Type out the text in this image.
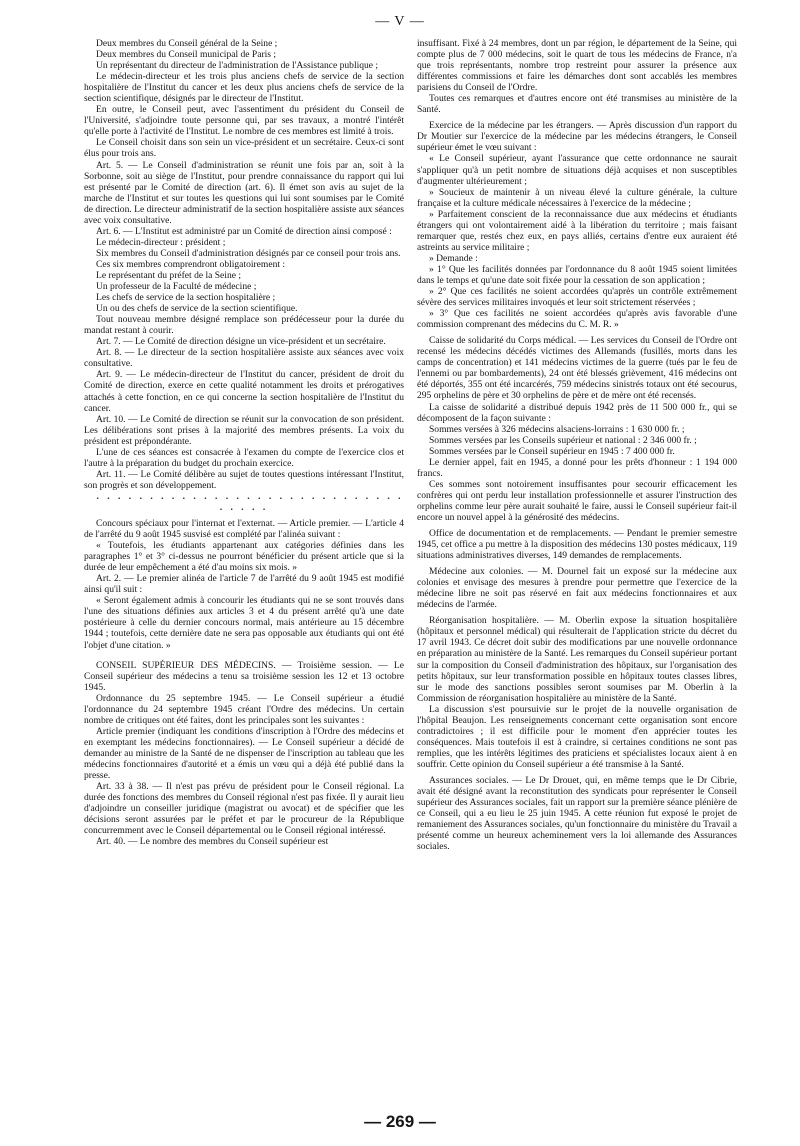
— V —

Deux membres du Conseil général de la Seine ;

Deux membres du Conseil municipal de Paris ;

Un représentant du directeur de l'administration de l'Assistance publique ;

Le médecin-directeur et les trois plus anciens chefs de service de la section hospitalière de l'Institut du cancer et les deux plus anciens chefs de service de la section scientifique, désignés par le directeur de l'Institut.

En outre, le Conseil peut, avec l'assentiment du président du Conseil de l'Université, s'adjoindre toute personne qui, par ses travaux, a montré l'intérêt qu'elle porte à l'activité de l'Institut. Le nombre de ces membres est limité à trois.

Le Conseil choisit dans son sein un vice-président et un secrétaire. Ceux-ci sont élus pour trois ans.

Art. 5. — Le Conseil d'administration se réunit une fois par an, soit à la Sorbonne, soit au siège de l'Institut, pour prendre connaissance du rapport qui lui est présenté par le Comité de direction (art. 6). Il émet son avis au sujet de la marche de l'Institut et sur toutes les questions qui lui sont soumises par le Comité de direction. Le directeur administratif de la section hospitalière assiste aux séances avec voix consultative.

Art. 6. — L'Institut est administré par un Comité de direction ainsi composé :

Le médecin-directeur : président ;

Six membres du Conseil d'administration désignés par ce conseil pour trois ans.

Ces six membres comprendront obligatoirement :

Le représentant du préfet de la Seine ;

Un professeur de la Faculté de médecine ;

Les chefs de service de la section hospitalière ;

Un ou des chefs de service de la section scientifique.

Tout nouveau membre désigné remplace son prédécesseur pour la durée du mandat restant à courir.

Art. 7. — Le Comité de direction désigne un vice-président et un secrétaire.

Art. 8. — Le directeur de la section hospitalière assiste aux séances avec voix consultative.

Art. 9. — Le médecin-directeur de l'Institut du cancer, président de droit du Comité de direction, exerce en cette qualité notamment les droits et prérogatives attachés à cette fonction, en ce qui concerne la section hospitalière de l'Institut du cancer.

Art. 10. — Le Comité de direction se réunit sur la convocation de son président. Les délibérations sont prises à la majorité des membres présents. La voix du président est prépondérante.

L'une de ces séances est consacrée à l'examen du compte de l'exercice clos et l'autre à la préparation du budget du prochain exercice.

Art. 11. — Le Comité délibère au sujet de toutes questions intéressant l'Institut, son progrès et son développement.

. . . . . . . . . . . . . . . . . . . . . . . . . . . . . . . . . .

Concours spéciaux pour l'internat et l'externat. — Article premier. — L'article 4 de l'arrêté du 9 août 1945 susvisé est complété par l'alinéa suivant :

« Toutefois, les étudiants appartenant aux catégories définies dans les paragraphes 1° et 3° ci-dessus ne pourront bénéficier du présent article que si la durée de leur empêchement a été d'au moins six mois. »

Art. 2. — Le premier alinéa de l'article 7 de l'arrêté du 9 août 1945 est modifié ainsi qu'il suit :

« Seront également admis à concourir les étudiants qui ne se sont trouvés dans l'une des situations définies aux articles 3 et 4 du présent arrêté qu'à une date postérieure à celle du dernier concours normal, mais antérieure au 15 décembre 1944 ; toutefois, cette dernière date ne sera pas opposable aux étudiants qui ont été l'objet d'une citation. »

CONSEIL SUPÉRIEUR DES MÉDECINS. — Troisième session. — Le Conseil supérieur des médecins a tenu sa troisième session les 12 et 13 octobre 1945.

Ordonnance du 25 septembre 1945. — Le Conseil supérieur a étudié l'ordonnance du 24 septembre 1945 créant l'Ordre des médecins. Un certain nombre de critiques ont été faites, dont les principales sont les suivantes :

Article premier (indiquant les conditions d'inscription à l'Ordre des médecins et en exemptant les médecins fonctionnaires). — Le Conseil supérieur a décidé de demander au ministre de la Santé de ne dispenser de l'inscription au tableau que les médecins fonctionnaires d'autorité et a émis un vœu qui a déjà été publié dans la presse.

Art. 33 à 38. — Il n'est pas prévu de président pour le Conseil régional. La durée des fonctions des membres du Conseil régional n'est pas fixée. Il y aurait lieu d'adjoindre un conseiller juridique (magistrat ou avocat) et de spécifier que les décisions seront assurées par le préfet et par le procureur de la République concurremment avec le Conseil départemental ou le Conseil régional intéressé.

Art. 40. — Le nombre des membres du Conseil supérieur est

insuffisant. Fixé à 24 membres, dont un par région, le département de la Seine, qui compte plus de 7 000 médecins, soit le quart de tous les médecins de France, n'a que trois représentants, nombre trop restreint pour assurer la présence aux différentes commissions et faire les démarches dont sont accablés les membres parisiens du Conseil de l'Ordre.

Toutes ces remarques et d'autres encore ont été transmises au ministère de la Santé.

Exercice de la médecine par les étrangers. — Après discussion d'un rapport du Dr Moutier sur l'exercice de la médecine par les médecins étrangers, le Conseil supérieur émet le vœu suivant :

« Le Conseil supérieur, ayant l'assurance que cette ordonnance ne saurait s'appliquer qu'à un petit nombre de situations déjà acquises et non susceptibles d'augmenter ultérieurement ;

» Soucieux de maintenir à un niveau élevé la culture générale, la culture française et la culture médicale nécessaires à l'exercice de la médecine ;

» Parfaitement conscient de la reconnaissance due aux médecins et étudiants étrangers qui ont volontairement aidé à la libération du territoire ; mais faisant remarquer que, restés chez eux, en pays alliés, certains d'entre eux auraient été astreints au service militaire ;

» Demande :

» 1° Que les facilités données par l'ordonnance du 8 août 1945 soient limitées dans le temps et qu'une date soit fixée pour la cessation de son application ;

» 2° Que ces facilités ne soient accordées qu'après un contrôle extrêmement sévère des services militaires invoqués et leur soit strictement réservées ;

» 3° Que ces facilités ne soient accordées qu'après avis favorable d'une commission comprenant des médecins du C. M. R. »

Caisse de solidarité du Corps médical. — Les services du Conseil de l'Ordre ont recensé les médecins décédés victimes des Allemands (fusillés, morts dans les camps de concentration) et 141 médecins victimes de la guerre (tués par le feu de l'ennemi ou par bombardements), 24 ont été blessés grièvement, 416 médecins ont été déportés, 355 ont été incarcérés, 759 médecins sinistrés totaux ont été secourus, 295 orphelins de père et 30 orphelins de père et de mère ont été recensés.

La caisse de solidarité a distribué depuis 1942 près de 11 500 000 fr., qui se décomposent de la façon suivante :

Sommes versées à 326 médecins alsaciens-lorrains : 1 630 000 fr. ;

Sommes versées par les Conseils supérieur et national : 2 346 000 fr. ;

Sommes versées par le Conseil supérieur en 1945 : 7 400 000 fr.

Le dernier appel, fait en 1945, a donné pour les prêts d'honneur : 1 194 000 francs.

Ces sommes sont notoirement insuffisantes pour secourir efficacement les confrères qui ont perdu leur installation professionnelle et assurer l'instruction des orphelins comme leur père aurait souhaité le faire, aussi le Conseil supérieur fait-il encore un nouvel appel à la générosité des médecins.

Office de documentation et de remplacements. — Pendant le premier semestre 1945, cet office a pu mettre à la disposition des médecins 130 postes médicaux, 119 situations administratives diverses, 149 demandes de remplacements.

Médecine aux colonies. — M. Dournel fait un exposé sur la médecine aux colonies et envisage des mesures à prendre pour permettre que l'exercice de la médecine libre ne soit pas réservé en fait aux médecins fonctionnaires et aux médecins de l'armée.

Réorganisation hospitalière. — M. Oberlin expose la situation hospitalière (hôpitaux et personnel médical) qui résulterait de l'application stricte du décret du 17 avril 1943. Ce décret doit subir des modifications par une nouvelle ordonnance en préparation au ministère de la Santé. Les remarques du Conseil supérieur portant sur la composition du Conseil d'administration des hôpitaux, sur l'organisation des petits hôpitaux, sur leur transformation possible en hôpitaux toutes classes libres, sur le mode des sanctions possibles seront soumises par M. Oberlin à la Commission de réorganisation hospitalière au ministère de la Santé.

La discussion s'est poursuivie sur le projet de la nouvelle organisation de l'hôpital Beaujon. Les renseignements concernant cette organisation sont encore contradictoires ; il est difficile pour le moment d'en apprécier toutes les conséquences. Mais toutefois il est à craindre, si certaines conditions ne sont pas remplies, que les intérêts légitimes des praticiens et spécialistes locaux aient à en souffrir. Cette opinion du Conseil supérieur a été transmise à la Santé.

Assurances sociales. — Le Dr Drouet, qui, en même temps que le Dr Cibrie, avait été désigné avant la reconstitution des syndicats pour représenter le Conseil supérieur des Assurances sociales, fait un rapport sur la première séance plénière de ce Conseil, qui a eu lieu le 25 juin 1945. A cette réunion fut exposé le projet de remaniement des Assurances sociales, qu'un fonctionnaire du ministère du Travail a présenté comme un heureux acheminement vers la loi allemande des Assurances sociales.

— 269 —
